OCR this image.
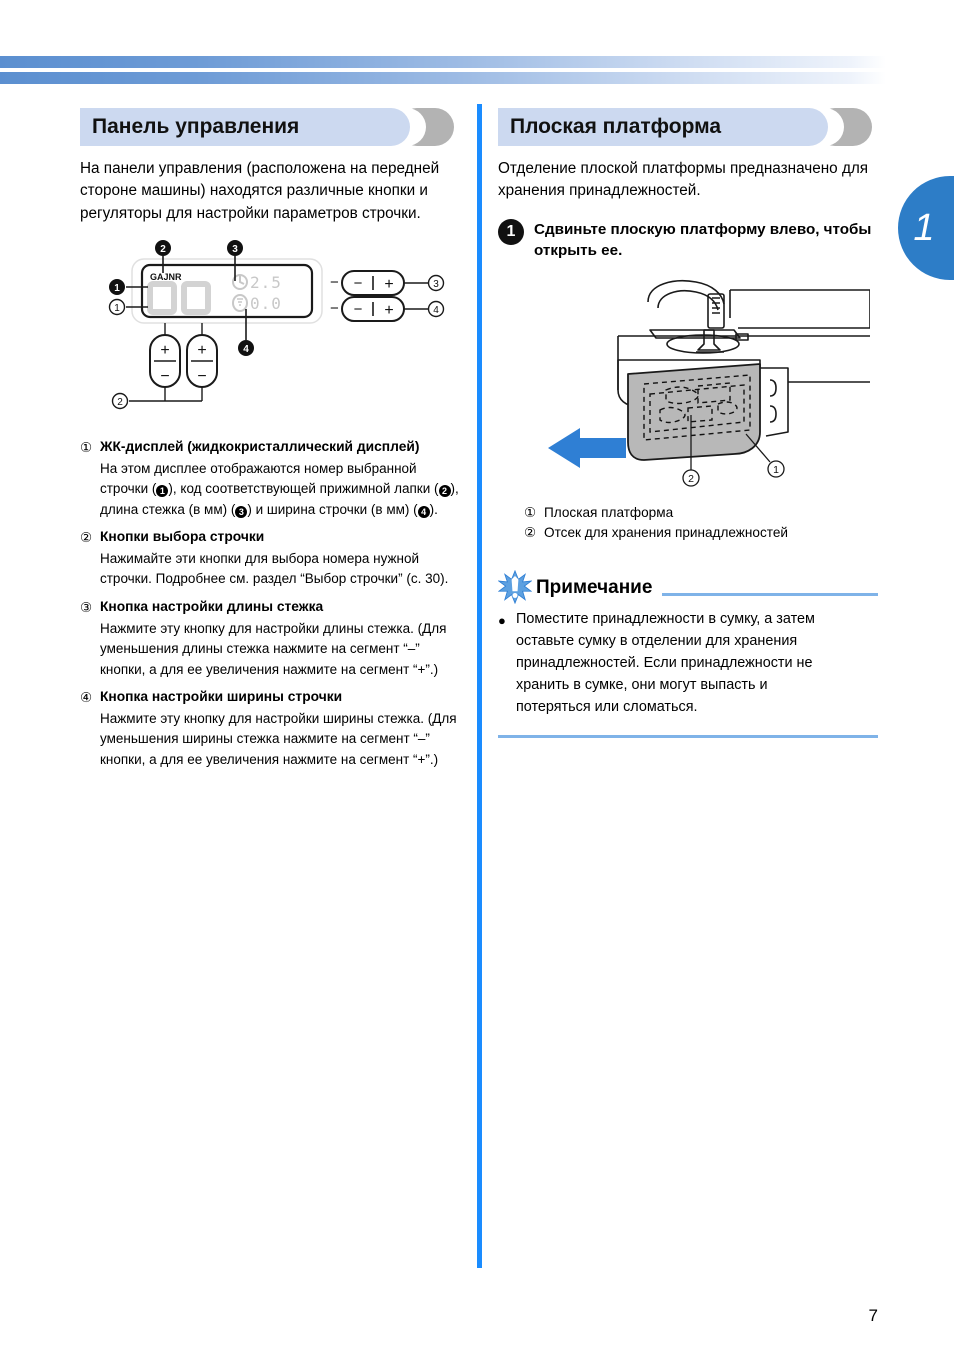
1
Панель управления

На панели управления (расположена на передней стороне машины) находятся различные кнопки и регуляторы для настройки параметров строчки.

GAJNR	2.5
0.0
2	3
1
4
1
+
−
+
−
2
− − +	3
− − +	4
① ЖК-дисплей (жидкокристаллический дисплей)

На этом дисплее отображаются номер выбранной строчки ( 1 ), код соответствующей прижимной лапки ( 2 ), длина стежка (в мм) ( 3 ) и ширина строчки (в мм) ( 4 ).

② Кнопки выбора строчки

Нажимайте эти кнопки для выбора номера нужной строчки. Подробнее см. раздел “Выбор строчки” (с. 30).

③ Кнопка настройки длины стежка

Нажмите эту кнопку для настройки длины стежка. (Для уменьшения длины стежка нажмите на сегмент “–” кнопки, а для ее увеличения нажмите на сегмент “+”.)

④ Кнопка настройки ширины строчки

Нажмите эту кнопку для настройки ширины стежка. (Для уменьшения ширины стежка нажмите на сегмент “–” кнопки, а для ее увеличения нажмите на сегмент “+”.)

Плоская платформа

Отделение плоской платформы предназначено для хранения принадлежностей.

1	Сдвиньте плоскую платформу влево, чтобы открыть ее.
1
2
① Плоская платформа
② Отсек для хранения принадлежностей
Примечание
● Поместите принадлежности в сумку, а затем оставьте сумку в отделении для хранения принадлежностей. Если принадлежности не хранить в сумке, они могут выпасть и потеряться или сломаться.
7
